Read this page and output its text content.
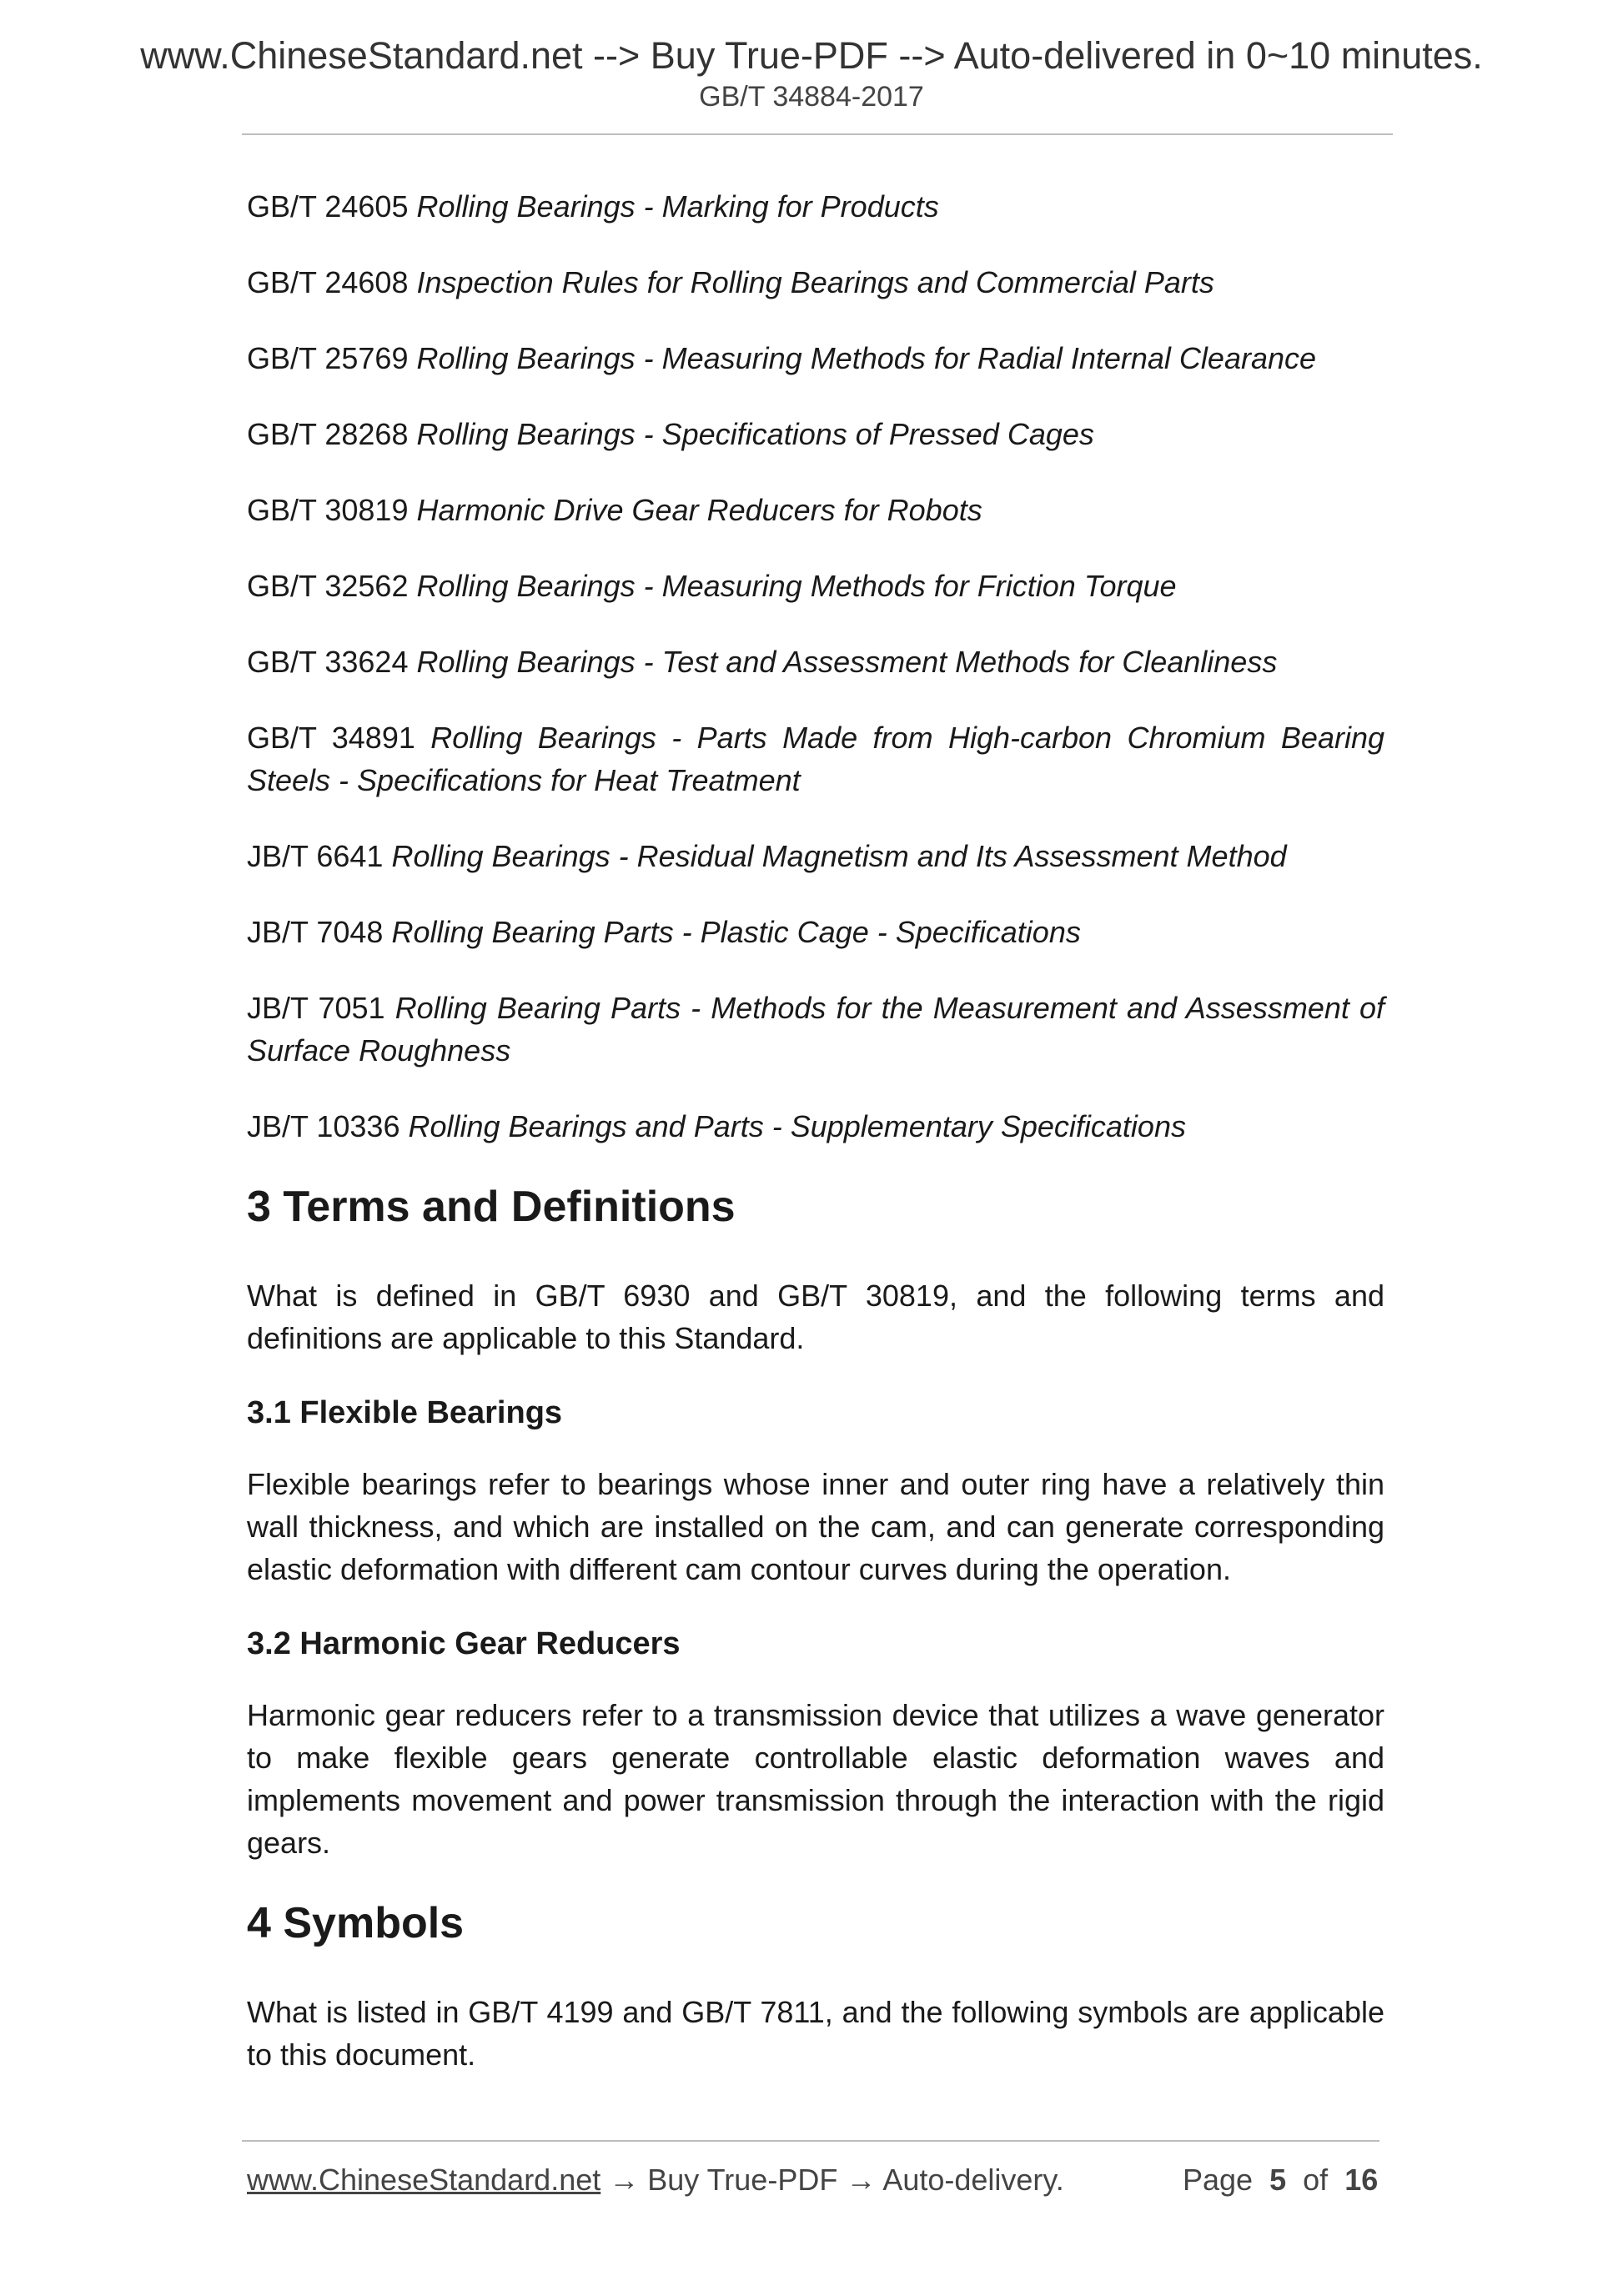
www.ChineseStandard.net --> Buy True-PDF --> Auto-delivered in 0~10 minutes.
GB/T 34884-2017

GB/T 24605 Rolling Bearings - Marking for Products

GB/T 24608 Inspection Rules for Rolling Bearings and Commercial Parts

GB/T 25769 Rolling Bearings - Measuring Methods for Radial Internal Clearance

GB/T 28268 Rolling Bearings - Specifications of Pressed Cages

GB/T 30819 Harmonic Drive Gear Reducers for Robots

GB/T 32562 Rolling Bearings - Measuring Methods for Friction Torque

GB/T 33624 Rolling Bearings - Test and Assessment Methods for Cleanliness

GB/T 34891 Rolling Bearings - Parts Made from High-carbon Chromium Bearing Steels - Specifications for Heat Treatment

JB/T 6641 Rolling Bearings - Residual Magnetism and Its Assessment Method

JB/T 7048 Rolling Bearing Parts - Plastic Cage - Specifications

JB/T 7051 Rolling Bearing Parts - Methods for the Measurement and Assessment of Surface Roughness

JB/T 10336 Rolling Bearings and Parts - Supplementary Specifications

3 Terms and Definitions

What is defined in GB/T 6930 and GB/T 30819, and the following terms and definitions are applicable to this Standard.

3.1 Flexible Bearings

Flexible bearings refer to bearings whose inner and outer ring have a relatively thin wall thickness, and which are installed on the cam, and can generate corresponding elastic deformation with different cam contour curves during the operation.

3.2 Harmonic Gear Reducers

Harmonic gear reducers refer to a transmission device that utilizes a wave generator to make flexible gears generate controllable elastic deformation waves and implements movement and power transmission through the interaction with the rigid gears.

4 Symbols

What is listed in GB/T 4199 and GB/T 7811, and the following symbols are applicable to this document.

www.ChineseStandard.net → Buy True-PDF → Auto-delivery.	Page 5 of 16
